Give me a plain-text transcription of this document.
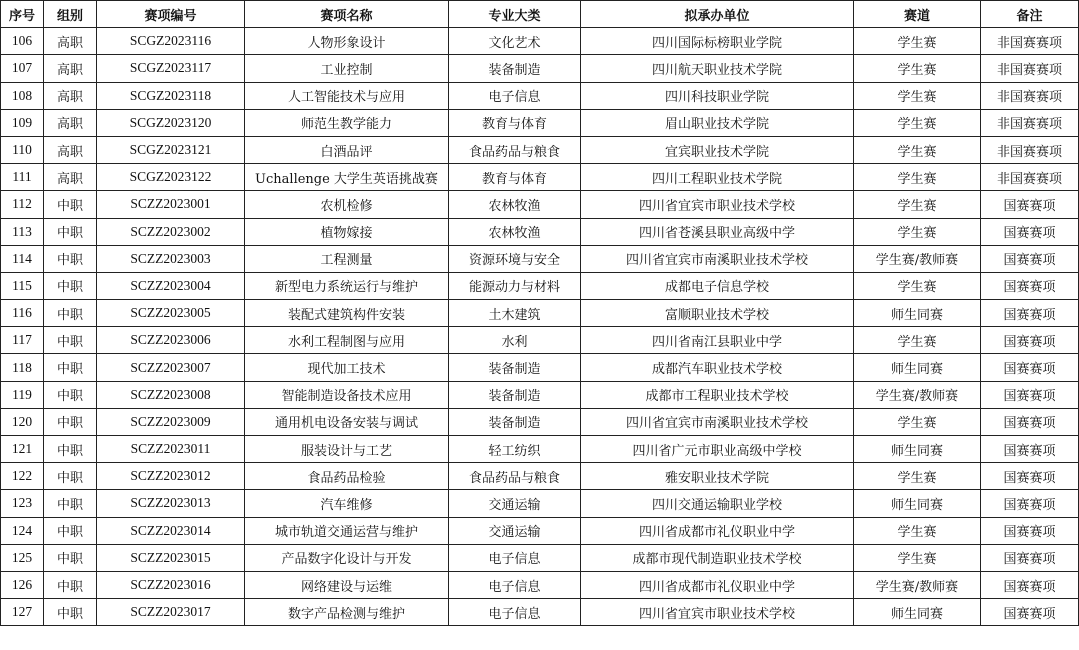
序号	组别	赛项编号	赛项名称	专业大类	拟承办单位	赛道	备注
106	高职	SCGZ2023116	人物形象设计	文化艺术	四川国际标榜职业学院	学生赛	非国赛赛项
107	高职	SCGZ2023117	工业控制	装备制造	四川航天职业技术学院	学生赛	非国赛赛项
108	高职	SCGZ2023118	人工智能技术与应用	电子信息	四川科技职业学院	学生赛	非国赛赛项
109	高职	SCGZ2023120	师范生教学能力	教育与体育	眉山职业技术学院	学生赛	非国赛赛项
110	高职	SCGZ2023121	白酒品评	食品药品与粮食	宜宾职业技术学院	学生赛	非国赛赛项
111	高职	SCGZ2023122	Uchallenge 大学生英语挑战赛	教育与体育	四川工程职业技术学院	学生赛	非国赛赛项
112	中职	SCZZ2023001	农机检修	农林牧渔	四川省宜宾市职业技术学校	学生赛	国赛赛项
113	中职	SCZZ2023002	植物嫁接	农林牧渔	四川省苍溪县职业高级中学	学生赛	国赛赛项
114	中职	SCZZ2023003	工程测量	资源环境与安全	四川省宜宾市南溪职业技术学校	学生赛/教师赛	国赛赛项
115	中职	SCZZ2023004	新型电力系统运行与维护	能源动力与材料	成都电子信息学校	学生赛	国赛赛项
116	中职	SCZZ2023005	装配式建筑构件安装	土木建筑	富顺职业技术学校	师生同赛	国赛赛项
117	中职	SCZZ2023006	水利工程制图与应用	水利	四川省南江县职业中学	学生赛	国赛赛项
118	中职	SCZZ2023007	现代加工技术	装备制造	成都汽车职业技术学校	师生同赛	国赛赛项
119	中职	SCZZ2023008	智能制造设备技术应用	装备制造	成都市工程职业技术学校	学生赛/教师赛	国赛赛项
120	中职	SCZZ2023009	通用机电设备安装与调试	装备制造	四川省宜宾市南溪职业技术学校	学生赛	国赛赛项
121	中职	SCZZ2023011	服装设计与工艺	轻工纺织	四川省广元市职业高级中学校	师生同赛	国赛赛项
122	中职	SCZZ2023012	食品药品检验	食品药品与粮食	雅安职业技术学院	学生赛	国赛赛项
123	中职	SCZZ2023013	汽车维修	交通运输	四川交通运输职业学校	师生同赛	国赛赛项
124	中职	SCZZ2023014	城市轨道交通运营与维护	交通运输	四川省成都市礼仪职业中学	学生赛	国赛赛项
125	中职	SCZZ2023015	产品数字化设计与开发	电子信息	成都市现代制造职业技术学校	学生赛	国赛赛项
126	中职	SCZZ2023016	网络建设与运维	电子信息	四川省成都市礼仪职业中学	学生赛/教师赛	国赛赛项
127	中职	SCZZ2023017	数字产品检测与维护	电子信息	四川省宜宾市职业技术学校	师生同赛	国赛赛项
